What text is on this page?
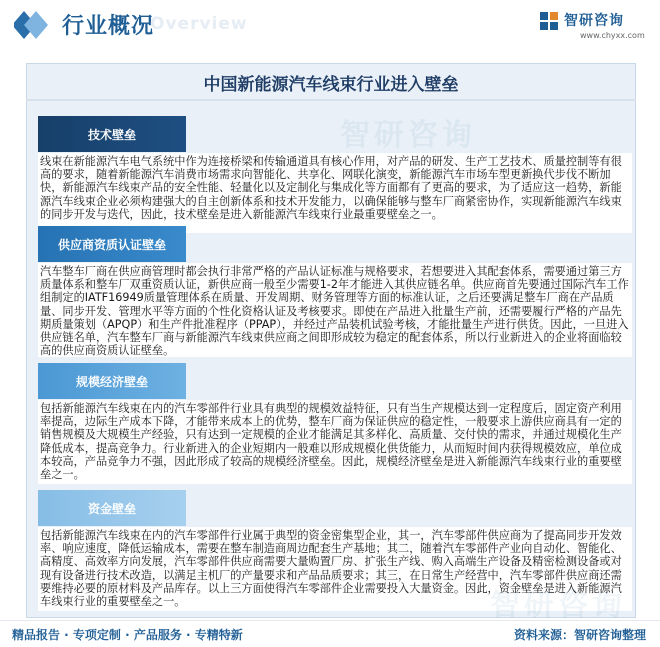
行业概况
Overview	智研咨询
www.chyxx.com
中国新能源汽车线束行业进入壁垒
技术壁垒
线束在新能源汽车电气系统中作为连接桥梁和传输通道具有核心作用，对产品的研发、生产工艺技术、质量控制等有很高的要求，随着新能源汽车消费市场需求向智能化、共享化、网联化演变，新能源汽车市场车型更新换代步伐不断加快，新能源汽车线束产品的安全性能、轻量化以及定制化与集成化等方面都有了更高的要求，为了适应这一趋势，新能源汽车线束企业必须构建强大的自主创新体系和技术开发能力，以确保能够与整车厂商紧密协作，实现新能源汽车线束的同步开发与迭代，因此，技术壁垒是进入新能源汽车线束行业最重要壁垒之一。
供应商资质认证壁垒
汽车整车厂商在供应商管理时都会执行非常严格的产品认证标准与规格要求，若想要进入其配套体系，需要通过第三方质量体系和整车厂双重资质认证，新供应商一般至少需要1-2年才能进入其供应链名单。供应商首先要通过国际汽车工作组制定的IATF16949质量管理体系在质量、开发周期、财务管理等方面的标准认证，之后还要满足整车厂商在产品质量、同步开发、管理水平等方面的个性化资格认证及考核要求。即使在产品进入批量生产前，还需要履行严格的产品先期质量策划（APQP）和生产件批准程序（PPAP），并经过产品装机试验考核，才能批量生产进行供货。因此，一旦进入供应链名单，汽车整车厂商与新能源汽车线束供应商之间即形成较为稳定的配套体系，所以行业新进入的企业将面临较高的供应商资质认证壁垒。
规模经济壁垒
包括新能源汽车线束在内的汽车零部件行业具有典型的规模效益特征，只有当生产规模达到一定程度后，固定资产利用率提高，边际生产成本下降，才能带来成本上的优势，整车厂商为保证供应的稳定性，一般要求上游供应商具有一定的销售规模及大规模生产经验，只有达到一定规模的企业才能满足其多样化、高质量、交付快的需求，并通过规模化生产降低成本，提高竞争力。行业新进入的企业短期内一般难以形成规模化供货能力，从而短时间内获得规模效应，单位成本较高，产品竞争力不强，因此形成了较高的规模经济壁垒。因此，规模经济壁垒是进入新能源汽车线束行业的重要壁垒之一。
资金壁垒
包括新能源汽车线束在内的汽车零部件行业属于典型的资金密集型企业，其一，汽车零部件供应商为了提高同步开发效率、响应速度，降低运输成本，需要在整车制造商周边配套生产基地；其二，随着汽车零部件产业向自动化、智能化、高精度、高效率方向发展，汽车零部件供应商需要大量购置厂房、扩张生产线、购入高端生产设备及精密检测设备或对现有设备进行技术改造，以满足主机厂的产量要求和产品品质要求；其三，在日常生产经营中，汽车零部件供应商还需要维持必要的原材料及产品库存。以上三方面使得汽车零部件企业需要投入大量资金。因此，资金壁垒是进入新能源汽车线束行业的重要壁垒之一。
精品报告 · 专项定制 · 产品服务 · 专精特新	资料来源：智研咨询整理
